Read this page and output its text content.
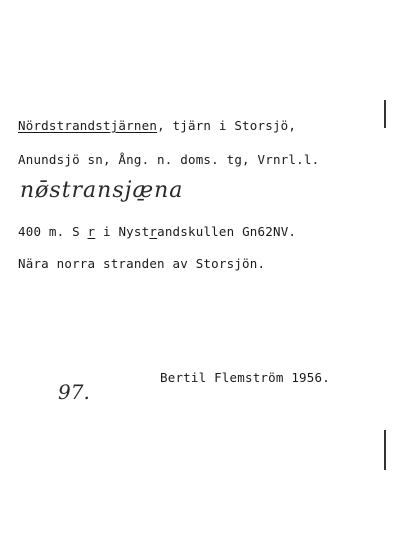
Nördstrandstjärnen, tjärn i Storsjö,
Anundsjö sn, Ång. n. doms. tg, Vrnrl.l.
nø̄stransjæ̱na
400 m. S r i Nystrandskullen Gn62NV.
Nära norra stranden av Storsjön.
97.
Bertil Flemström 1956.
